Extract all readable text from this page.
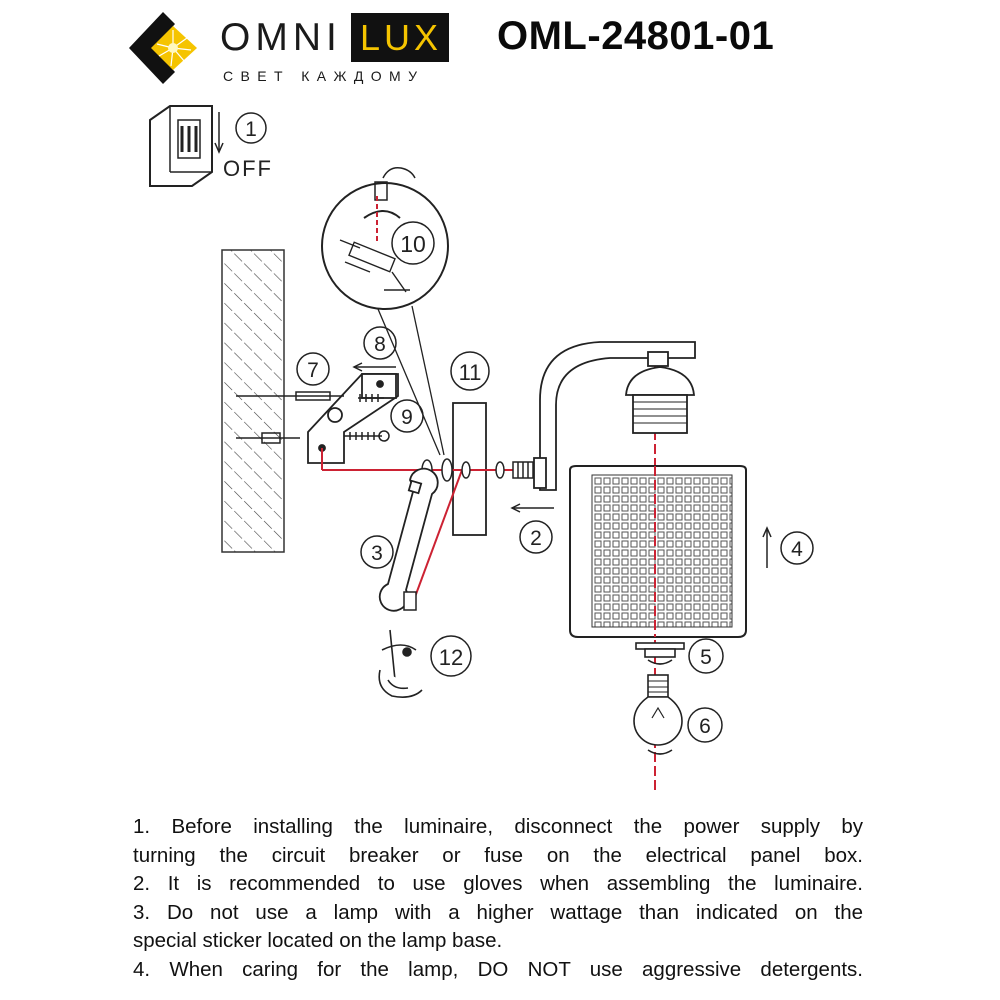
OMNI LUX
СВЕТ КАЖДОМУ
OML-24801-01
1
OFF
10
7
8
9
11
3
12
2	4
5
6
1. Before installing the luminaire, disconnect the power supply by
turning the circuit breaker or fuse on the electrical panel box.
2. It is recommended to use gloves when assembling the luminaire.
3. Do not use a lamp with a higher wattage than indicated on the
special sticker located on the lamp base.
4. When caring for the lamp, DO NOT use aggressive detergents.
